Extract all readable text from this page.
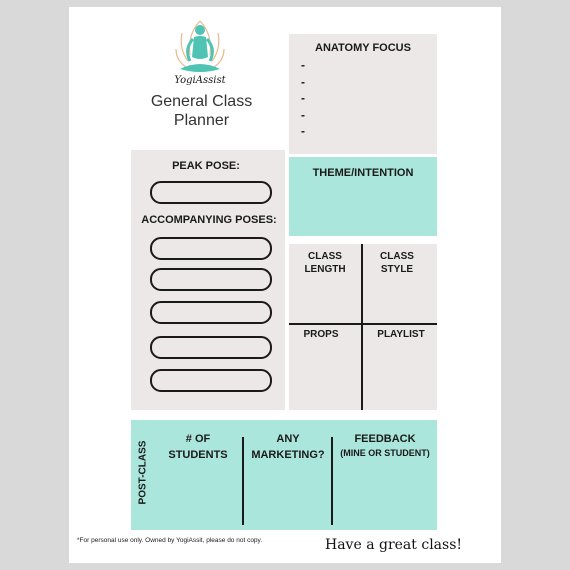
YogiAssist
General Class
Planner
ANATOMY FOCUS
-
-
-
-
-
PEAK POSE:
ACCOMPANYING POSES:
THEME/INTENTION
CLASS
LENGTH
CLASS
STYLE
PROPS	PLAYLIST
POST-CLASS
# OF
STUDENTS
ANY
MARKETING?
FEEDBACK
(MINE OR STUDENT)
*For personal use only. Owned by YogiAssit, please do not copy.	Have a great class!
